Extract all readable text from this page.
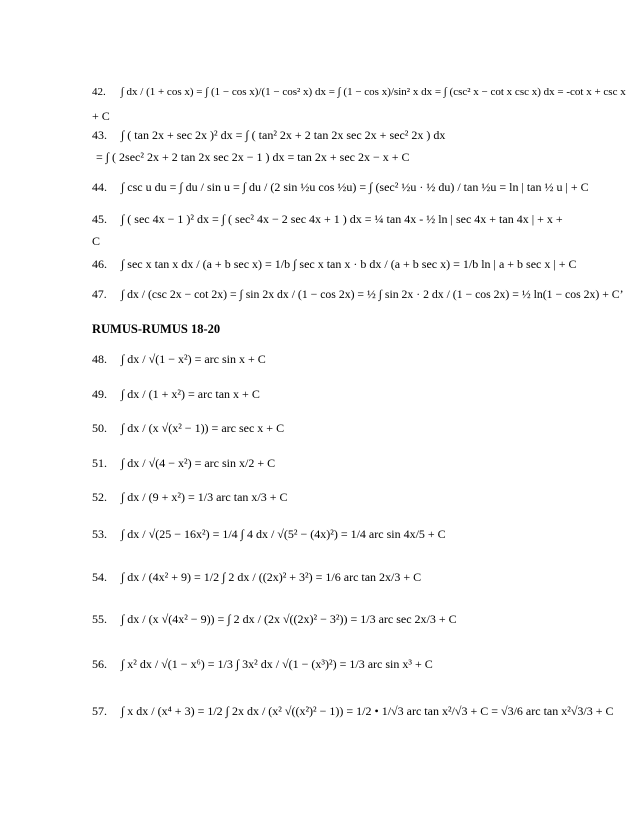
42. ∫ dx / (1 + cos x) = ∫ (1 − cos x)/(1 − cos² x) dx = ∫ (1 − cos x)/sin² x dx = ∫ (csc² x − cot x csc x) dx = -cot x + csc x
+ C
43. ∫ ( tan 2x + sec 2x )² dx = ∫ ( tan² 2x + 2 tan 2x sec 2x + sec² 2x ) dx
= ∫ ( 2sec² 2x + 2 tan 2x sec 2x − 1 ) dx = tan 2x + sec 2x − x + C
44. ∫ csc u du = ∫ du / sin u = ∫ du / (2 sin ½u cos ½u) = ∫ (sec² ½u · ½ du) / tan ½u = ln | tan ½ u | + C
45. ∫ ( sec 4x − 1 )² dx = ∫ ( sec² 4x − 2 sec 4x + 1 ) dx = ¼ tan 4x - ½ ln | sec 4x + tan 4x | + x +
C
46. ∫ sec x tan x dx / (a + b sec x) = 1/b ∫ sec x tan x · b dx / (a + b sec x) = 1/b ln | a + b sec x | + C
47. ∫ dx / (csc 2x − cot 2x) = ∫ sin 2x dx / (1 − cos 2x) = ½ ∫ sin 2x · 2 dx / (1 − cos 2x) = ½ ln(1 − cos 2x) + C’
RUMUS-RUMUS 18-20
48. ∫ dx / √(1 − x²) = arc sin x + C
49. ∫ dx / (1 + x²) = arc tan x + C
50. ∫ dx / (x √(x² − 1)) = arc sec x + C
51. ∫ dx / √(4 − x²) = arc sin x/2 + C
52. ∫ dx / (9 + x²) = 1/3 arc tan x/3 + C
53. ∫ dx / √(25 − 16x²) = 1/4 ∫ 4 dx / √(5² − (4x)²) = 1/4 arc sin 4x/5 + C
54. ∫ dx / (4x² + 9) = 1/2 ∫ 2 dx / ((2x)² + 3²) = 1/6 arc tan 2x/3 + C
55. ∫ dx / (x √(4x² − 9)) = ∫ 2 dx / (2x √((2x)² − 3²)) = 1/3 arc sec 2x/3 + C
56. ∫ x² dx / √(1 − x⁶) = 1/3 ∫ 3x² dx / √(1 − (x³)²) = 1/3 arc sin x³ + C
57. ∫ x dx / (x⁴ + 3) = 1/2 ∫ 2x dx / (x² √((x²)² − 1)) = 1/2 • 1/√3 arc tan x²/√3 + C = √3/6 arc tan x²√3/3 + C
